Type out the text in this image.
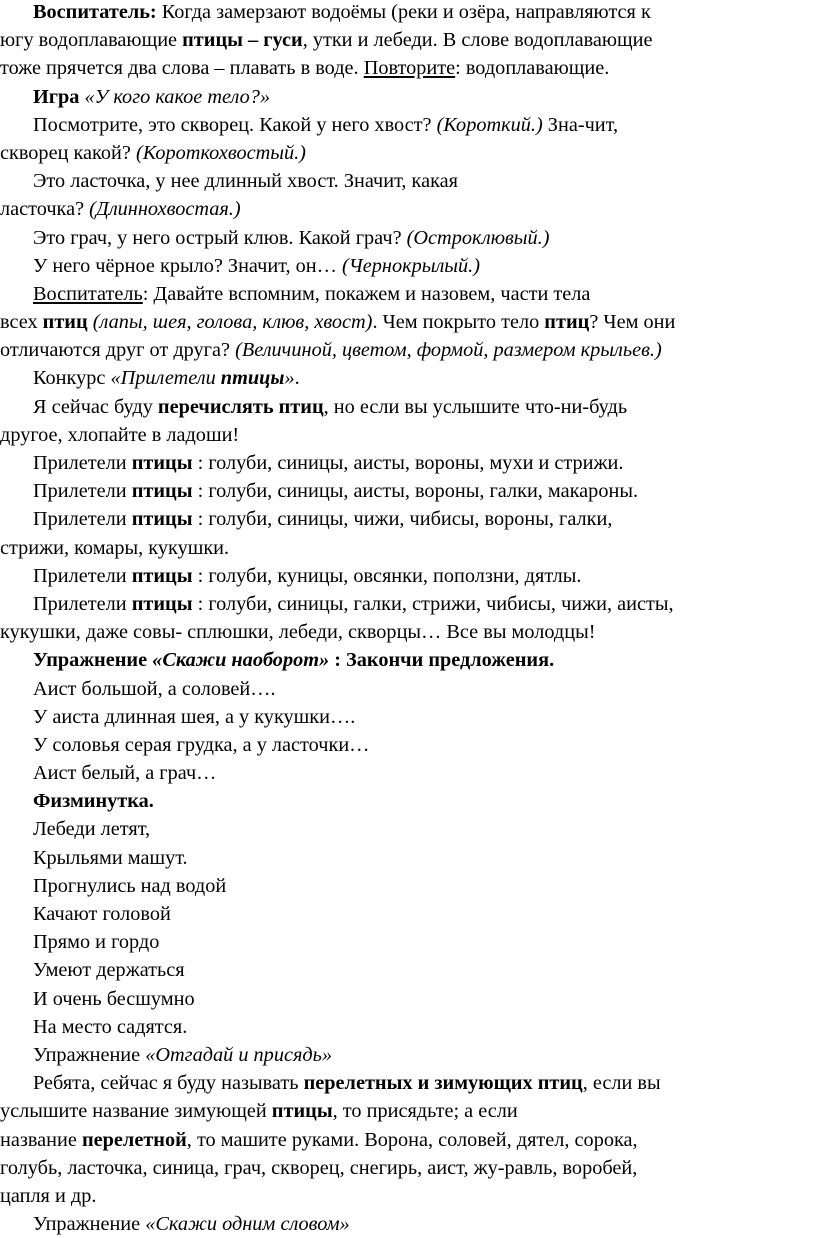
Воспитатель: Когда замерзают водоёмы (реки и озёра, направляются к
югу водоплавающие птицы – гуси, утки и лебеди. В слове водоплавающие
тоже прячется два слова – плавать в воде. Повторите: водоплавающие.
Игра «У кого какое тело?»
Посмотрите, это скворец. Какой у него хвост? (Короткий.) Зна-чит,
скворец какой? (Короткохвостый.)
Это ласточка, у нее длинный хвост. Значит, какая
ласточка? (Длиннохвостая.)
Это грач, у него острый клюв. Какой грач? (Остроклювый.)
У него чёрное крыло? Значит, он… (Чернокрылый.)
Воспитатель: Давайте вспомним, покажем и назовем, части тела
всех птиц (лапы, шея, голова, клюв, хвост). Чем покрыто тело птиц? Чем они
отличаются друг от друга? (Величиной, цветом, формой, размером крыльев.)
Конкурс «Прилетели птицы».
Я сейчас буду перечислять птиц, но если вы услышите что-ни-будь
другое, хлопайте в ладоши!
Прилетели птицы : голуби, синицы, аисты, вороны, мухи и стрижи.
Прилетели птицы : голуби, синицы, аисты, вороны, галки, макароны.
Прилетели птицы : голуби, синицы, чижи, чибисы, вороны, галки,
стрижи, комары, кукушки.
Прилетели птицы : голуби, куницы, овсянки, поползни, дятлы.
Прилетели птицы : голуби, синицы, галки, стрижи, чибисы, чижи, аисты,
кукушки, даже совы- сплюшки, лебеди, скворцы… Все вы молодцы!
Упражнение «Скажи наоборот» : Закончи предложения.
Аист большой, а соловей….
У аиста длинная шея, а у кукушки….
У соловья серая грудка, а у ласточки…
Аист белый, а грач…
Физминутка.
Лебеди летят,
Крыльями машут.
Прогнулись над водой
Качают головой
Прямо и гордо
Умеют держаться
И очень бесшумно
На место садятся.
Упражнение «Отгадай и присядь»
Ребята, сейчас я буду называть перелетных и зимующих птиц, если вы
услышите название зимующей птицы, то присядьте; а если
название перелетной, то машите руками. Ворона, соловей, дятел, сорока,
голубь, ласточка, синица, грач, скворец, снегирь, аист, жу-равль, воробей,
цапля и др.
Упражнение «Скажи одним словом»
